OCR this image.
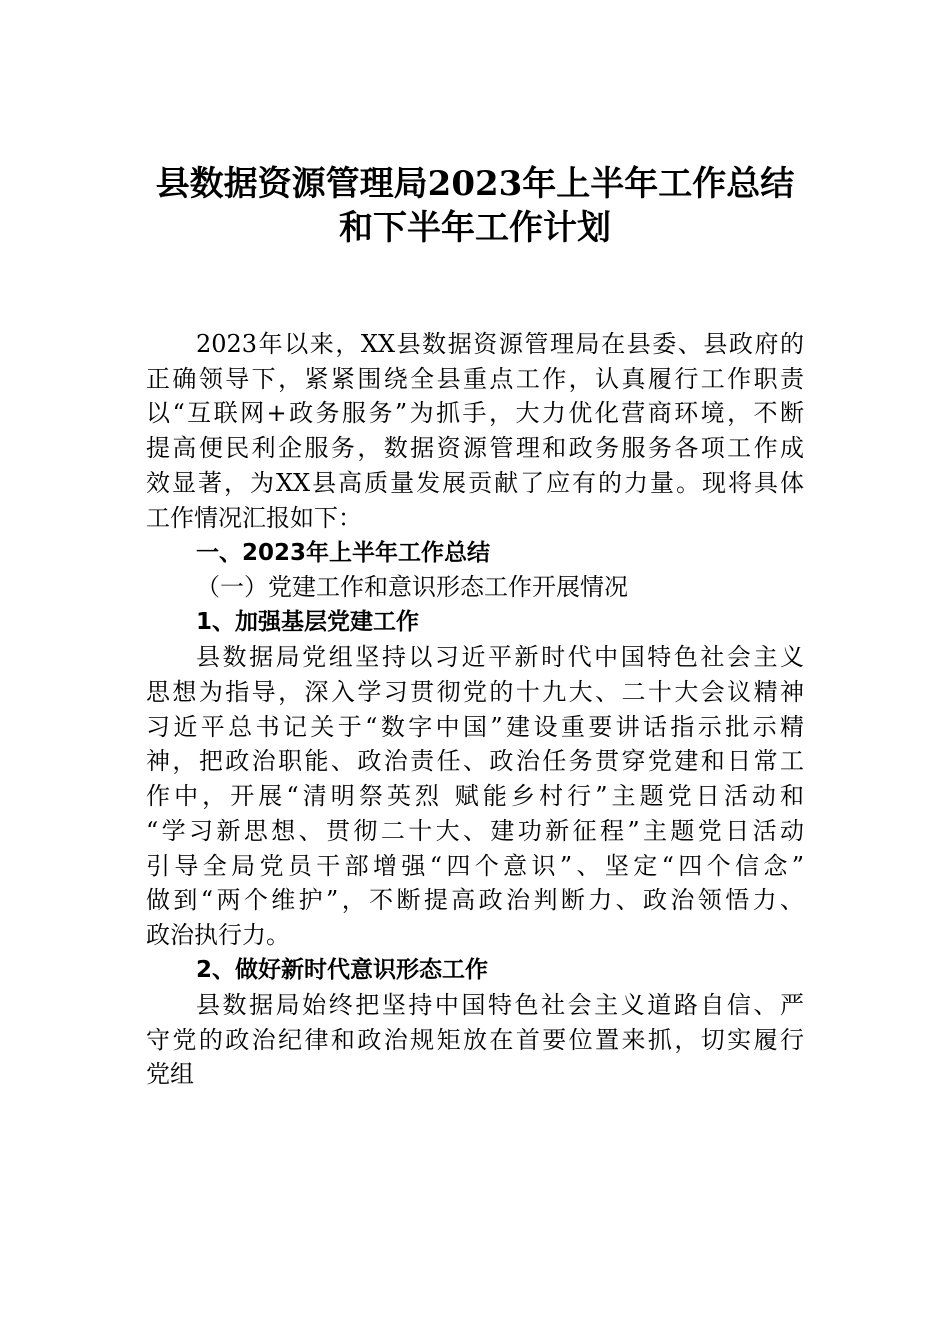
县数据资源管理局2023年上半年工作总结
和下半年工作计划
2023年以来，XX县数据资源管理局在县委、县政府的
正确领导下，紧紧围绕全县重点工作，认真履行工作职责
以“互联网+政务服务”为抓手，大力优化营商环境，不断
提高便民利企服务，数据资源管理和政务服务各项工作成
效显著，为XX县高质量发展贡献了应有的力量。现将具体
工作情况汇报如下：
一、2023年上半年工作总结
（一）党建工作和意识形态工作开展情况
1、加强基层党建工作
县数据局党组坚持以习近平新时代中国特色社会主义
思想为指导，深入学习贯彻党的十九大、二十大会议精神
习近平总书记关于“数字中国”建设重要讲话指示批示精
神，把政治职能、政治责任、政治任务贯穿党建和日常工
作中，开展“清明祭英烈 赋能乡村行”主题党日活动和
“学习新思想、贯彻二十大、建功新征程”主题党日活动
引导全局党员干部增强“四个意识”、坚定“四个信念”
做到“两个维护”，不断提高政治判断力、政治领悟力、
政治执行力。
2、做好新时代意识形态工作
县数据局始终把坚持中国特色社会主义道路自信、严
守党的政治纪律和政治规矩放在首要位置来抓，切实履行
党组
